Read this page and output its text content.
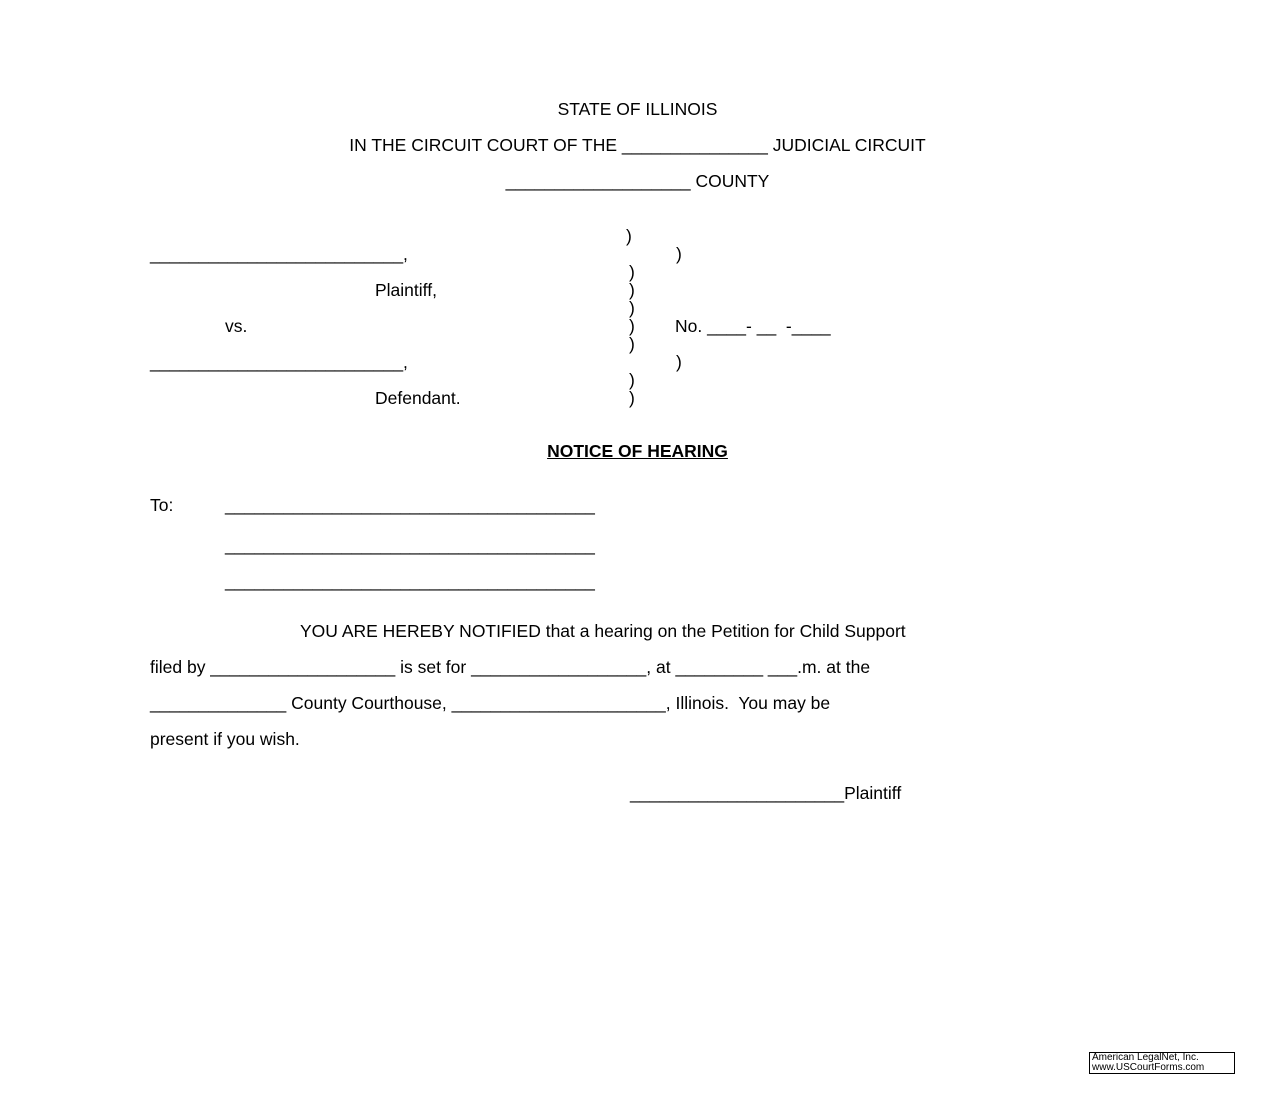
STATE OF ILLINOIS
IN THE CIRCUIT COURT OF THE _______________ JUDICIAL CIRCUIT
___________________ COUNTY
__________________________,
Plaintiff,
vs.
__________________________,
Defendant.
)
)
)
)
)
)
)
)
)
)
No. ____- __  -____
NOTICE OF HEARING
To:	______________________________________
______________________________________
______________________________________
YOU ARE HEREBY NOTIFIED that a hearing on the Petition for Child Support
filed by ___________________ is set for __________________, at _________ ___.m. at the
______________ County Courthouse, ______________________, Illinois.  You may be
present if you wish.
______________________Plaintiff
American LegalNet, Inc.
www.USCourtForms.com
